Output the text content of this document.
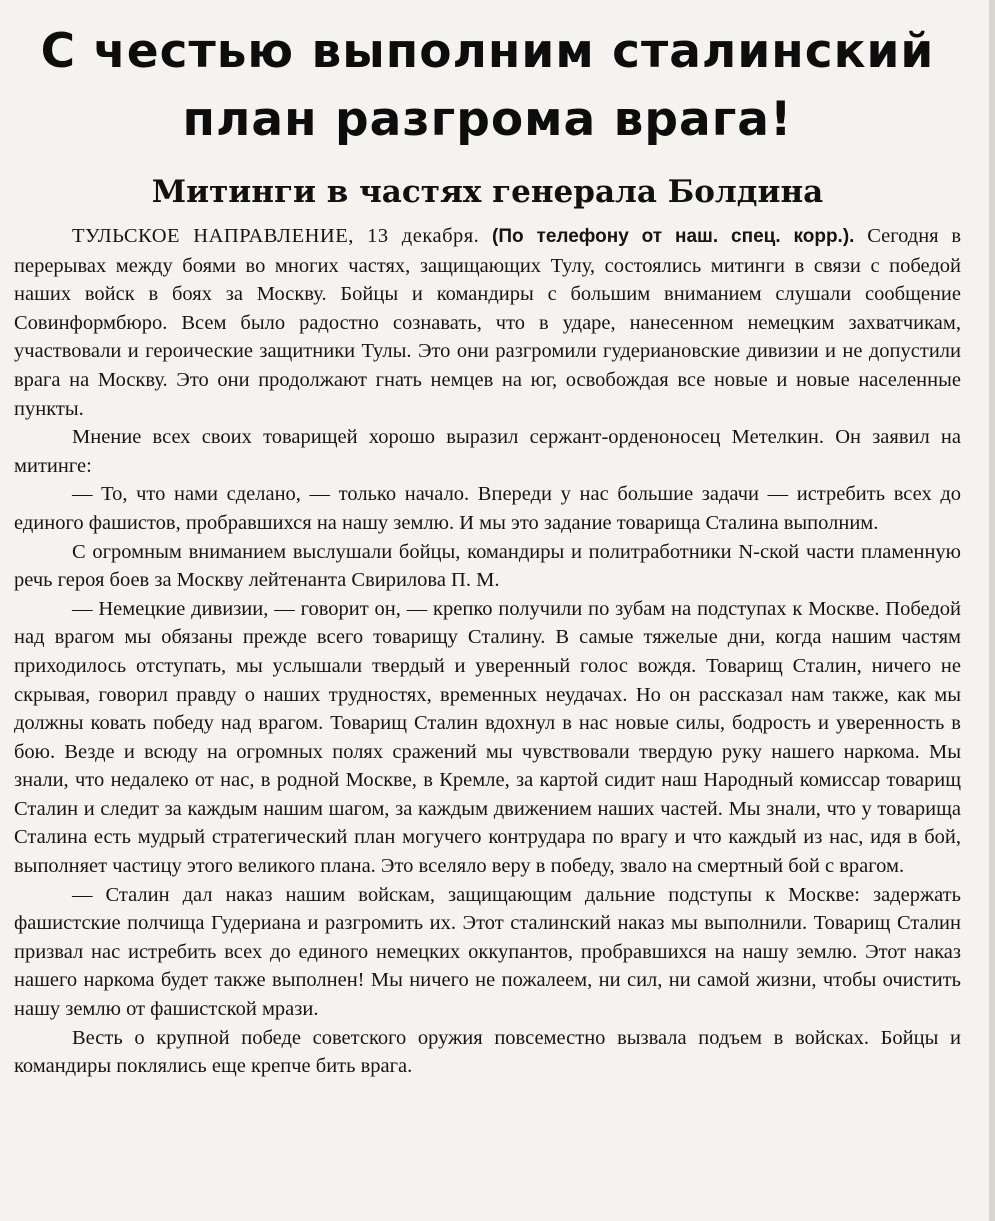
С честью выполним сталинский
план разгрома врага!
Митинги в частях генерала Болдина

ТУЛЬСКОЕ НАПРАВЛЕНИЕ, 13 декабря. (По телефону от наш. спец. корр.). Сегодня в перерывах между боями во многих частях, защищающих Тулу, состоялись митинги в связи с победой наших войск в боях за Москву. Бойцы и командиры с большим вниманием слушали сообщение Совинформбюро. Всем было радостно сознавать, что в ударе, нанесенном немецким захватчикам, участвовали и героические защитники Тулы. Это они разгромили гудериановские дивизии и не допустили врага на Москву. Это они продолжают гнать немцев на юг, освобождая все новые и новые населенные пункты.

Мнение всех своих товарищей хорошо выразил сержант-орденоносец Метелкин. Он заявил на митинге:

— То, что нами сделано, — только начало. Впереди у нас большие задачи — истребить всех до единого фашистов, пробравшихся на нашу землю. И мы это задание товарища Сталина выполним.

С огромным вниманием выслушали бойцы, командиры и политработники N-ской части пламенную речь героя боев за Москву лейтенанта Свирилова П. М.

— Немецкие дивизии, — говорит он, — крепко получили по зубам на подступах к Москве. Победой над врагом мы обязаны прежде всего товарищу Сталину. В самые тяжелые дни, когда нашим частям приходилось отступать, мы услышали твердый и уверенный голос вождя. Товарищ Сталин, ничего не скрывая, говорил правду о наших трудностях, временных неудачах. Но он рассказал нам также, как мы должны ковать победу над врагом. Товарищ Сталин вдохнул в нас новые силы, бодрость и уверенность в бою. Везде и всюду на огромных полях сражений мы чувствовали твердую руку нашего наркома. Мы знали, что недалеко от нас, в родной Москве, в Кремле, за картой сидит наш Народный комиссар товарищ Сталин и следит за каждым нашим шагом, за каждым движением наших частей. Мы знали, что у товарища Сталина есть мудрый стратегический план могучего контрудара по врагу и что каждый из нас, идя в бой, выполняет частицу этого великого плана. Это вселяло веру в победу, звало на смертный бой с врагом.

— Сталин дал наказ нашим войскам, защищающим дальние подступы к Москве: задержать фашистские полчища Гудериана и разгромить их. Этот сталинский наказ мы выполнили. Товарищ Сталин призвал нас истребить всех до единого немецких оккупантов, пробравшихся на нашу землю. Этот наказ нашего наркома будет также выполнен! Мы ничего не пожалеем, ни сил, ни самой жизни, чтобы очистить нашу землю от фашистской мрази.

Весть о крупной победе советского оружия повсеместно вызвала подъем в войсках. Бойцы и командиры поклялись еще крепче бить врага.
